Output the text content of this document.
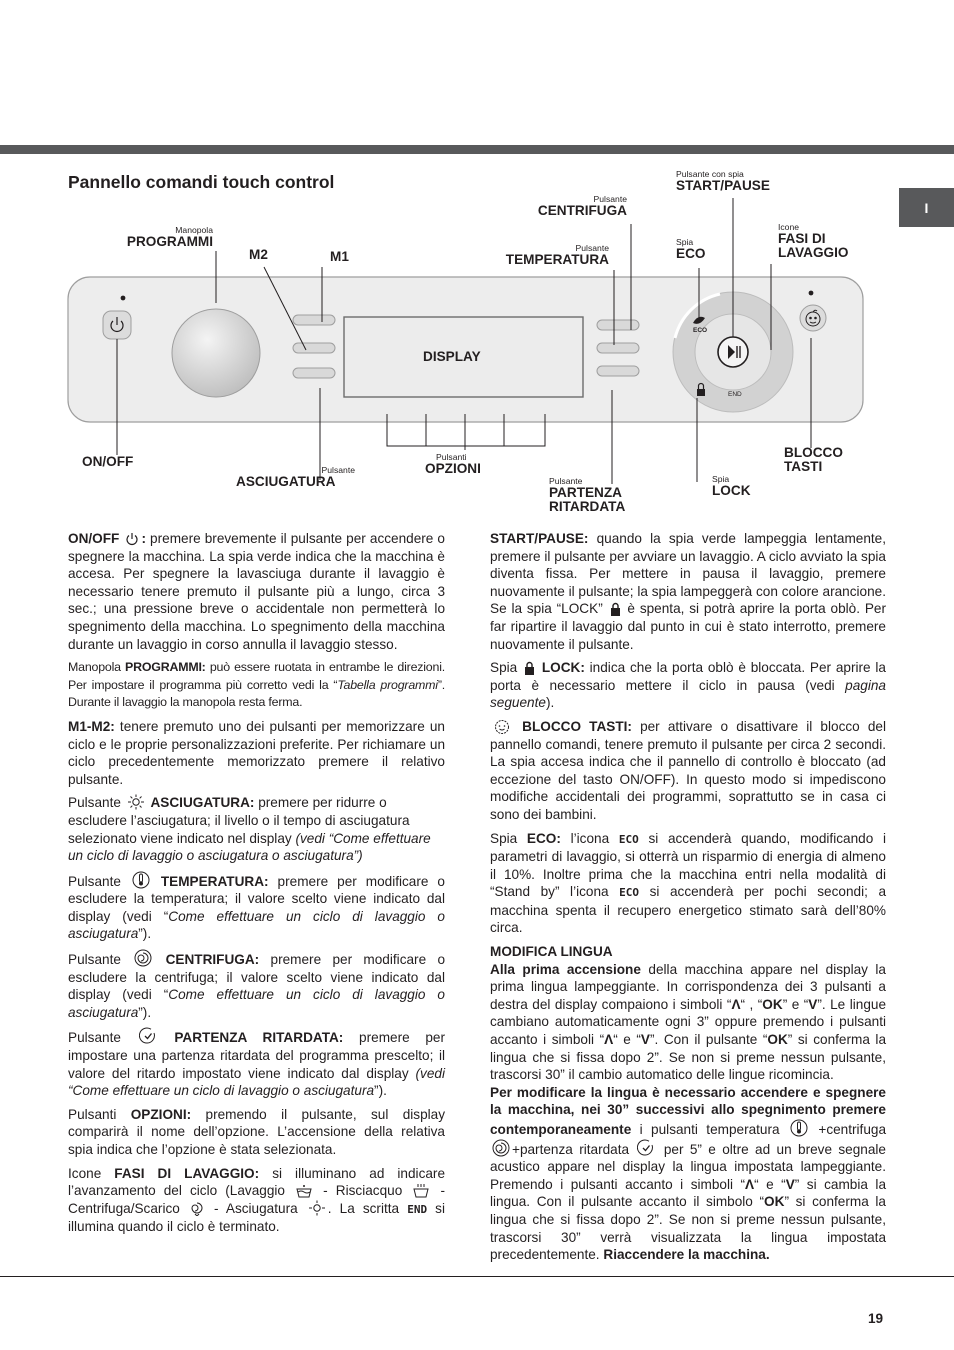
I
Pannello comandi touch control
ECO
END
Manopola
PROGRAMMI
M2	M1
Pulsante
CENTRIFUGA
Pulsante
TEMPERATURA
Pulsante con spia
START/PAUSE
Spia
ECO
Icone
FASI DI
LAVAGGIO
DISPLAY
ON/OFF
Pulsante
ASCIUGATURA
Pulsanti
OPZIONI
Pulsante
PARTENZA
RITARDATA
Spia
LOCK
BLOCCO
TASTI

ON/OFF : premere brevemente il pulsante per accendere o spegnere la macchina. La spia verde indica che la macchina è accesa. Per spegnere la lavasciuga durante il lavaggio è necessario tenere premuto il pulsante più a lungo, circa 3 sec.; una pressione breve o accidentale non permetterà lo spegnimento della macchina. Lo spegnimento della macchina durante un lavaggio in corso annulla il lavaggio stesso.

Manopola PROGRAMMI: può essere ruotata in entrambe le direzioni. Per impostare il programma più corretto vedi la “Tabella programmi”. Durante il lavaggio la manopola resta ferma.

M1-M2: tenere premuto uno dei pulsanti per memorizzare un ciclo e le proprie personalizzazioni preferite. Per richiamare un ciclo precedentemente memorizzato premere il relativo pulsante.

Pulsante ASCIUGATURA: premere per ridurre o escludere l’asciugatura; il livello o il tempo di asciugatura selezionato viene indicato nel display (vedi “Come effettuare un ciclo di lavaggio o asciugatura o asciugatura”)

Pulsante	TEMPERATURA: premere per modificare o escludere la temperatura; il valore scelto viene indicato dal display (vedi “Come effettuare un ciclo di lavaggio o asciugatura”).

Pulsante	CENTRIFUGA: premere per modificare o escludere la centrifuga; il valore scelto viene indicato dal display (vedi “Come effettuare un ciclo di lavaggio o asciugatura”).

Pulsante	PARTENZA RITARDATA: premere per impostare una partenza ritardata del programma prescelto; il valore del ritardo impostato viene indicato dal display (vedi “Come effettuare un ciclo di lavaggio o asciugatura”).

Pulsanti OPZIONI: premendo il pulsante, sul display comparirà il nome dell’opzione. L’accensione della relativa spia indica che l’opzione è stata selezionata.

Icone FASI DI LAVAGGIO: si illuminano ad indicare l’avanzamento del ciclo (Lavaggio	- Risciacquo	- Centrifuga/Scarico	- Asciugatura . La scritta END si illumina quando il ciclo è terminato.

START/PAUSE: quando la spia verde lampeggia lentamente, premere il pulsante per avviare un lavaggio. A ciclo avviato la spia diventa fissa. Per mettere in pausa il lavaggio, premere nuovamente il pulsante; la spia lampeggerà con colore arancione. Se la spia “LOCK” è spenta, si potrà aprire la porta oblò. Per far ripartire il lavaggio dal punto in cui è stato interrotto, premere nuovamente il pulsante.

Spia LOCK: indica che la porta oblò è bloccata. Per aprire la porta è necessario mettere il ciclo in pausa (vedi pagina seguente).

BLOCCO TASTI: per attivare o disattivare il blocco del pannello comandi, tenere premuto il pulsante per circa 2 secondi. La spia accesa indica che il pannello di controllo è bloccato (ad eccezione del tasto ON/OFF). In questo modo si impediscono modifiche accidentali dei programmi, soprattutto se in casa ci sono dei bambini.

Spia ECO: l’icona ECO si accenderà quando, modificando i parametri di lavaggio, si otterrà un risparmio di energia di almeno il 10%. Inoltre prima che la macchina entri nella modalità di “Stand by” l’icona ECO si accenderà per pochi secondi; a macchina spenta il recupero energetico stimato sarà dell’80% circa.

MODIFICA LINGUA
Alla prima accensione della macchina appare nel display la prima lingua lampeggiante. In corrispondenza dei 3 pulsanti a destra del display compaiono i simboli “Λ“ , “OK” e “V”. Le lingue cambiano automaticamente ogni 3” oppure premendo i pulsanti accanto i simboli “Λ“ e “V”. Con il pulsante “OK” si conferma la lingua che si fissa dopo 2”. Se non si preme nessun pulsante, trascorsi 30” il cambio automatico delle lingue ricomincia.
Per modificare la lingua è necessario accendere e spegnere la macchina, nei 30” successivi allo spegnimento premere contemporaneamente i pulsanti temperatura	+centrifuga +partenza ritardata	per 5” e oltre ad un breve segnale acustico appare nel display la lingua impostata lampeggiante. Premendo i pulsanti accanto i simboli “Λ“ e “V” si cambia la lingua. Con il pulsante accanto il simbolo “OK” si conferma la lingua che si fissa dopo 2”. Se non si preme nessun pulsante, trascorsi 30” verrà visualizzata la lingua impostata precedentemente. Riaccendere la macchina.
19
